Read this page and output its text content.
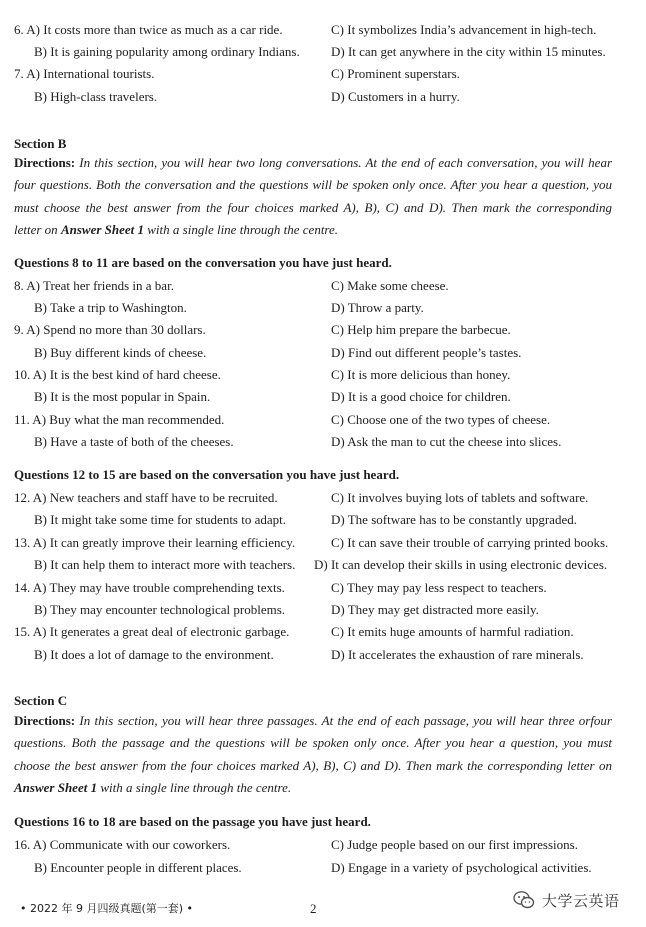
6. A) It costs more than twice as much as a car ride.	C) It symbolizes India’s advancement in high-tech.
B) It is gaining popularity among ordinary Indians. D) It can get anywhere in the city within 15 minutes.
7. A) International tourists.	C) Prominent superstars.
B) High-class travelers.	D) Customers in a hurry.
Section B
Directions: In this section, you will hear two long conversations. At the end of each conversation, you will hear
four questions. Both the conversation and the questions will be spoken only once. After you hear a question, you
must choose the best answer from the four choices marked A), B), C) and D). Then mark the corresponding
letter on Answer Sheet 1 with a single line through the centre.
Questions 8 to 11 are based on the conversation you have just heard.
8. A) Treat her friends in a bar.	C) Make some cheese.
B) Take a trip to Washington.	D) Throw a party.
9. A) Spend no more than 30 dollars.	C) Help him prepare the barbecue.
B) Buy different kinds of cheese.	D) Find out different people’s tastes.
10. A) It is the best kind of hard cheese.	C) It is more delicious than honey.
B) It is the most popular in Spain.	D) It is a good choice for children.
11. A) Buy what the man recommended.	C) Choose one of the two types of cheese.
B) Have a taste of both of the cheeses.	D) Ask the man to cut the cheese into slices.
Questions 12 to 15 are based on the conversation you have just heard.
12. A) New teachers and staff have to be recruited.	C) It involves buying lots of tablets and software.
B) It might take some time for students to adapt.	D) The software has to be constantly upgraded.
13. A) It can greatly improve their learning efficiency.	C) It can save their trouble of carrying printed books.
B) It can help them to interact more with teachers. D) It can develop their skills in using electronic devices.
14. A) They may have trouble comprehending texts.	C) They may pay less respect to teachers.
B) They may encounter technological problems.	D) They may get distracted more easily.
15. A) It generates a great deal of electronic garbage.	C) It emits huge amounts of harmful radiation.
B) It does a lot of damage to the environment.	D) It accelerates the exhaustion of rare minerals.
Section C
Directions: In this section, you will hear three passages. At the end of each passage, you will hear three orfour
questions. Both the passage and the questions will be spoken only once. After you hear a question, you must
choose the best answer from the four choices marked A), B), C) and D). Then mark the corresponding letter on
Answer Sheet 1 with a single line through the centre.
Questions 16 to 18 are based on the passage you have just heard.
16. A) Communicate with our coworkers.	C) Judge people based on our first impressions.
B) Encounter people in different places.	D) Engage in a variety of psychological activities.
• 2022 年 9 月四级真题(第一套) •	2	大学云英语
